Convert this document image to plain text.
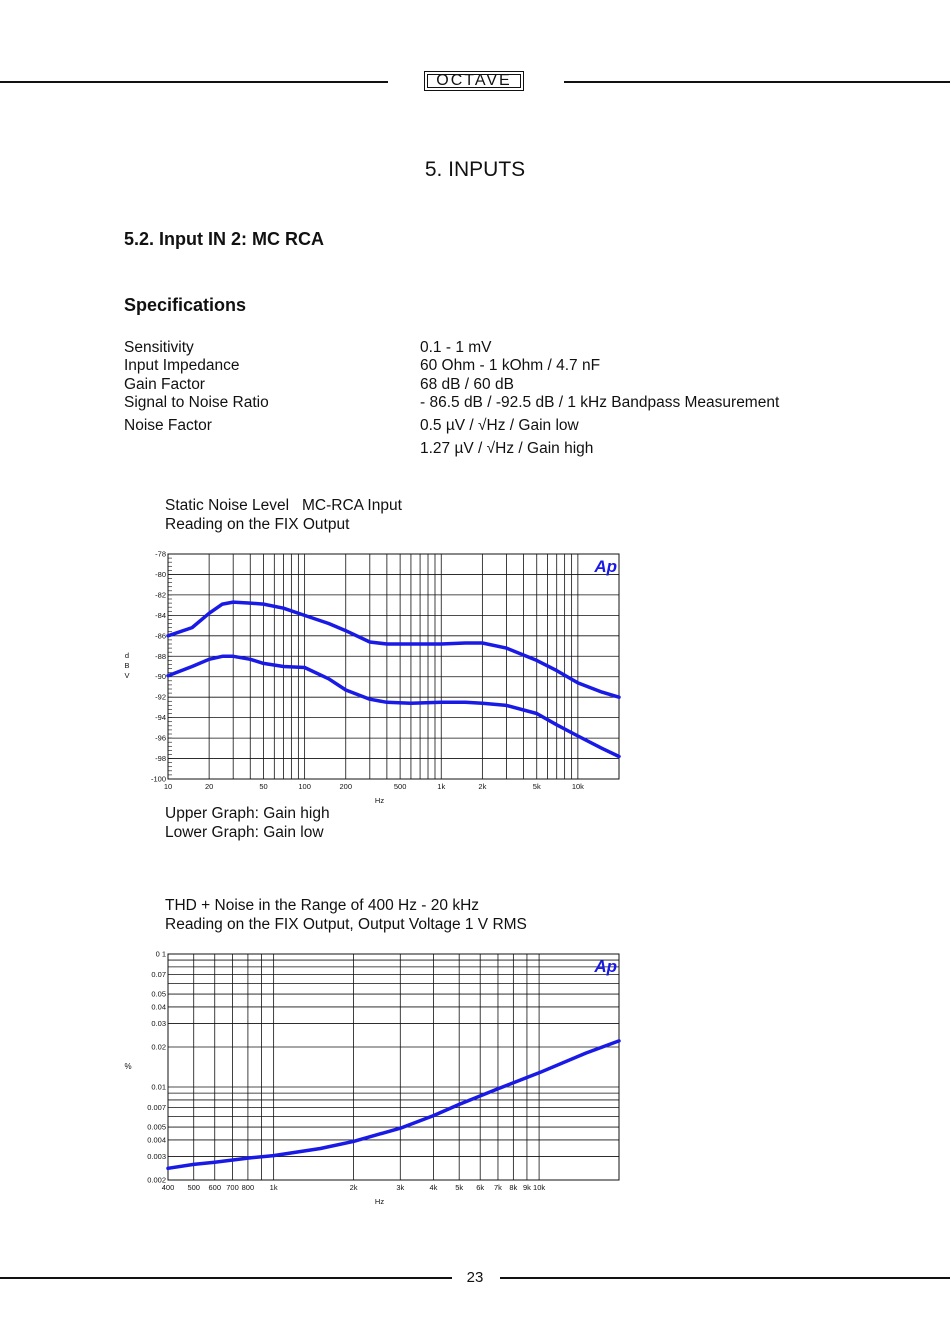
OCTAVE
5. INPUTS
5.2. Input IN 2: MC RCA
Specifications
Sensitivity	0.1 - 1 mV
Input Impedance	60 Ohm - 1 kOhm / 4.7 nF
Gain Factor	68 dB / 60 dB
Signal to Noise Ratio	- 86.5 dB / -92.5 dB / 1 kHz Bandpass Measurement
Noise Factor	0.5 µV / √Hz / Gain low
1.27 µV / √Hz / Gain high
Static Noise Level   MC-RCA Input
Reading on the FIX Output
-78
-80
-82
-84
-86
-88
-90
-92
-94
-96
-98
-100
10	20	50	100	200	500	1k	2k	5k	10k
Hz
d
B
V
Ap
Upper Graph: Gain high
Lower Graph: Gain low
THD + Noise in the Range of 400 Hz - 20 kHz
Reading on the FIX Output, Output Voltage 1 V RMS
0 1
0.07
0.05
0.04
0.03
0.02
0.01
0.007
0.005
0.004
0.003
0.002
400 500 600 700 800 1k	2k	3k	4k 5k 6k 7k 8k 9k 10k
Hz
%
Ap
23
